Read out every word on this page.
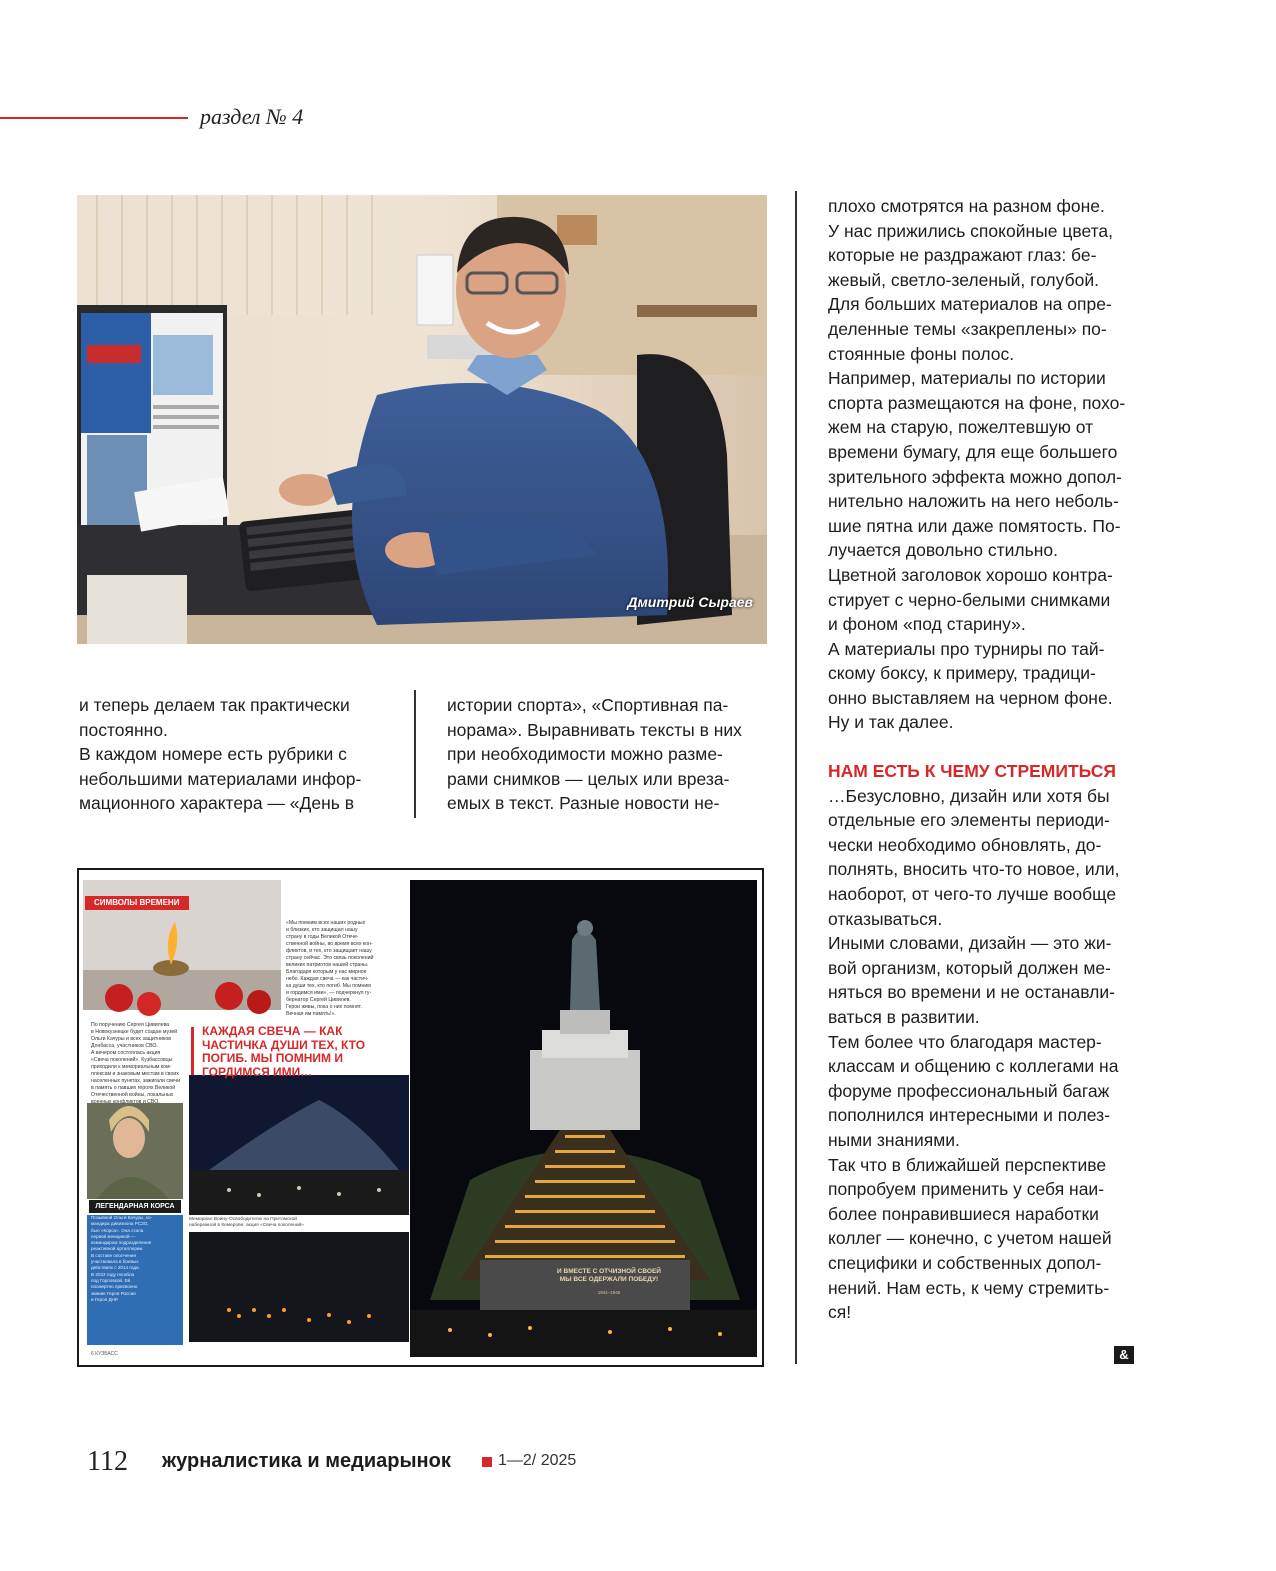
раздел № 4
Дмитрий Сыраев

и теперь делаем так практически

постоянно.

В каждом номере есть рубрики с

небольшими материалами инфор-

мационного характера — «День в

истории спорта», «Спортивная па-

норама». Выравнивать тексты в них

при необходимости можно разме-

рами снимков — целых или вреза-

емых в текст. Разные новости не-

плохо смотрятся на разном фоне.

У нас прижились спокойные цвета,

которые не раздражают глаз: бе-

жевый, светло-зеленый, голубой.

Для больших материалов на опре-

деленные темы «закреплены» по-

стоянные фоны полос.

Например, материалы по истории

спорта размещаются на фоне, похо-

жем на старую, пожелтевшую от

времени бумагу, для еще большего

зрительного эффекта можно допол-

нительно наложить на него неболь-

шие пятна или даже помятость. По-

лучается довольно стильно.

Цветной заголовок хорошо контра-

стирует с черно-белыми снимками

и фоном «под старину».

А материалы про турниры по тай-

скому боксу, к примеру, традици-

онно выставляем на черном фоне.

Ну и так далее.

НАМ ЕСТЬ К ЧЕМУ СТРЕМИТЬСЯ

…Безусловно, дизайн или хотя бы

отдельные его элементы периоди-

чески необходимо обновлять, до-

полнять, вносить что-то новое, или,

наоборот, от чего-то лучше вообще

отказываться.

Иными словами, дизайн — это жи-

вой организм, который должен ме-

няться во времени и не останавли-

ваться в развитии.

Тем более что благодаря мастер-

классам и общению с коллегами на

форуме профессиональный багаж

пополнился интересными и полез-

ными знаниями.

Так что в ближайшей перспективе

попробуем применить у себя наи-

более понравившиеся наработки

коллег — конечно, с учетом нашей

специфики и собственных допол-

нений. Нам есть, к чему стремить-

ся!

СИМВОЛЫ ВРЕМЕНИ

«Мы помним всех наших родных

и близких, кто защищал нашу

страну в годы Великой Отече-

ственной войны, во время всех кон-

фликтов, и тех, кто защищает нашу

страну сейчас. Это связь поколений

великих патриотов нашей страны.

Благодаря которым у нас мирное

небо. Каждая свеча — как частич-

ка души тех, кто погиб. Мы помним

и гордимся ими», — подчеркнул гу-

бернатор Сергей Цивилев.

Герои живы, пока о них помнят.

Вечная им память!».

По поручению Сергея Цивилева

в Новокузнецке будет создан музей

Ольги Качуры и всех защитников

Донбасса, участников СВО.

А вечером состоялась акция

«Свеча поколений». Кузбассовцы

приходили к мемориальным ком-

плексам и знаковым местам в своих

населенных пунктах, зажигали свечи

в память о павших героях Великой

Отечественной войны, локальных

военных конфликтов и СВО.

КАЖДАЯ СВЕЧА — КАК

ЧАСТИЧКА ДУШИ ТЕХ, КТО

ПОГИБ. МЫ ПОМНИМ И

ГОРДИМСЯ ИМИ…

ЛЕГЕНДАРНАЯ КОРСА

Позывной Ольги Качуры, ко-

мандира дивизиона РСЗО,

был «Корса». Она стала

первой женщиной —

командиром подразделения

реактивной артиллерии.

В составе ополчения

участвовала в боевых

действиях с 2014 года.

В 2022 году погибла

под Горловкой. Ей

посмертно присвоено

звание Героя России

и Героя ДНР.

Мемориал Воину-Освободителю на Притомской

набережной в Кемерове: акция «Свеча поколений»

И ВМЕСТЕ С ОТЧИЗНОЙ СВОЕЙ

МЫ ВСЕ ОДЕРЖАЛИ ПОБЕДУ!

1941–1945

6 КУЗБАСС	&
112 журналистика и медиарынок	1—2/ 2025
